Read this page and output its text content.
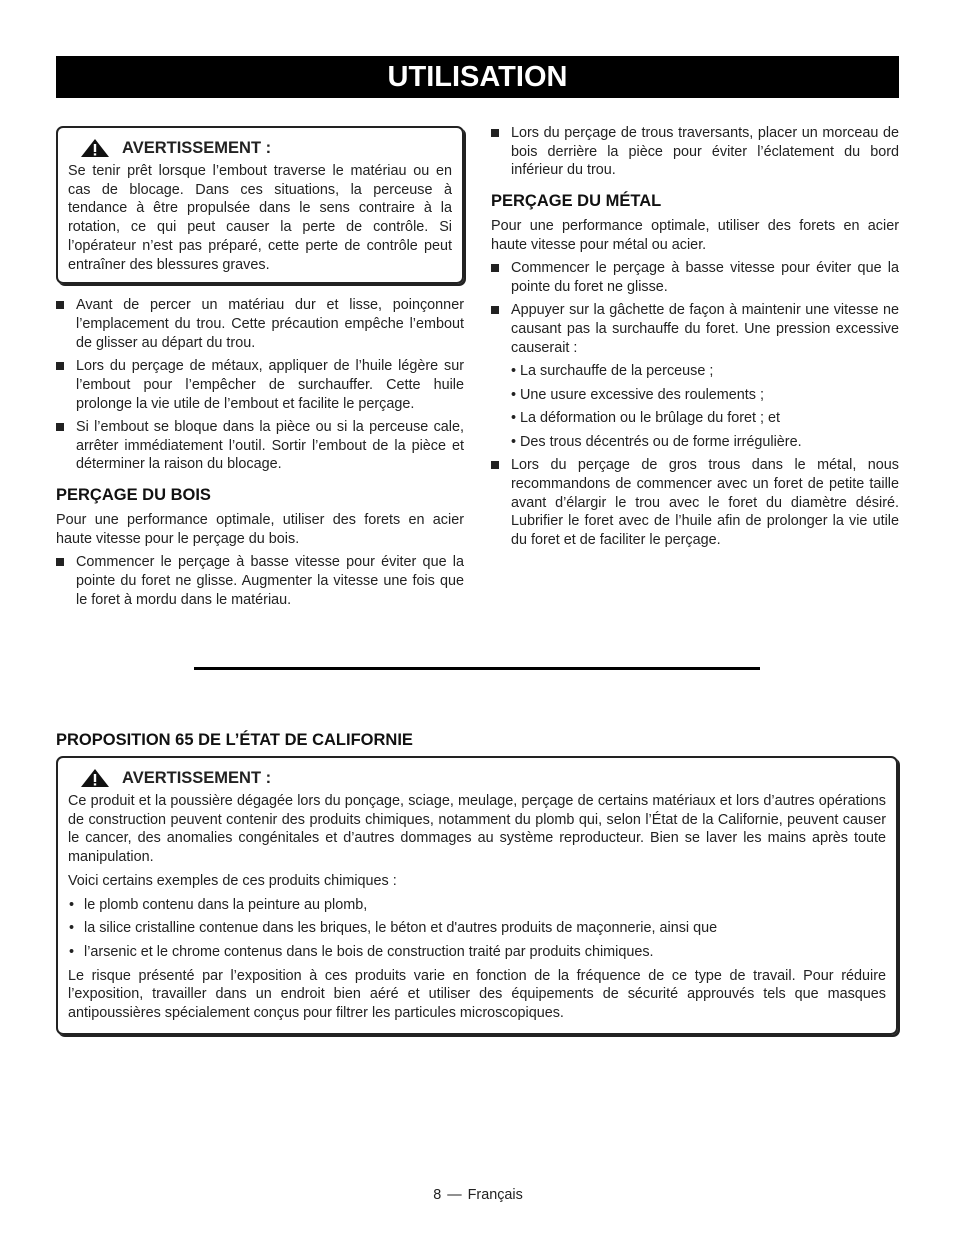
UTILISATION
AVERTISSEMENT :
Se tenir prêt lorsque l’embout traverse le matériau ou en cas de blocage. Dans ces situations, la perceuse à tendance à être propulsée dans le sens contraire à la rotation, ce qui peut causer la perte de contrôle. Si l’opérateur n’est pas préparé, cette perte de contrôle peut entraîner des blessures graves.
Avant de percer un matériau dur et lisse, poinçonner l’emplacement du trou. Cette précaution empêche l’embout de glisser au départ du trou.
Lors du perçage de métaux, appliquer de l’huile légère sur l’embout pour l’empêcher de surchauffer. Cette huile prolonge la vie utile de l’embout et facilite le perçage.
Si l’embout se bloque dans la pièce ou si la perceuse cale, arrêter immédiatement l’outil. Sortir l’embout de la pièce et déterminer la raison du blocage.
PERÇAGE DU BOIS
Pour une performance optimale, utiliser des forets en acier haute vitesse pour le perçage du bois.
Commencer le perçage à basse vitesse pour éviter que la pointe du foret ne glisse. Augmenter la vitesse une fois que le foret à mordu dans le matériau.
Lors du perçage de trous traversants, placer un morceau de bois derrière la pièce pour éviter l’éclatement du bord inférieur du trou.
PERÇAGE DU MÉTAL
Pour une performance optimale, utiliser des forets en acier haute vitesse pour métal ou acier.
Commencer le perçage à basse vitesse pour éviter que la pointe du foret ne glisse.
Appuyer sur la gâchette de façon à maintenir une vitesse ne causant pas la surchauffe du foret. Une pression excessive causerait :
• La surchauffe de la perceuse ;
• Une usure excessive des roulements ;
• La déformation ou le brûlage du foret ; et
• Des trous décentrés ou de forme irrégulière.
Lors du perçage de gros trous dans le métal, nous recommandons de commencer avec un foret de petite taille avant d’élargir le trou avec le foret du diamètre désiré. Lubrifier le foret avec de l’huile afin de prolonger la vie utile du foret et de faciliter le perçage.
PROPOSITION 65 DE L’ÉTAT DE CALIFORNIE
AVERTISSEMENT :

Ce produit et la poussière dégagée lors du ponçage, sciage, meulage, perçage de certains matériaux et lors d’autres opérations de construction peuvent contenir des produits chimiques, notamment du plomb qui, selon l’État de la Californie, peuvent causer le cancer, des anomalies congénitales et d’autres dommages au système reproducteur. Bien se laver les mains après toute manipulation.

Voici certains exemples de ces produits chimiques :

• le plomb contenu dans la peinture au plomb,
• la silice cristalline contenue dans les briques, le béton et d'autres produits de maçonnerie, ainsi que
• l’arsenic et le chrome contenus dans le bois de construction traité par produits chimiques.

Le risque présenté par l’exposition à ces produits varie en fonction de la fréquence de ce type de travail. Pour réduire l’exposition, travailler dans un endroit bien aéré et utiliser des équipements de sécurité approuvés tels que masques antipoussières spécialement conçus pour filtrer les particules microscopiques.

8 — Français
